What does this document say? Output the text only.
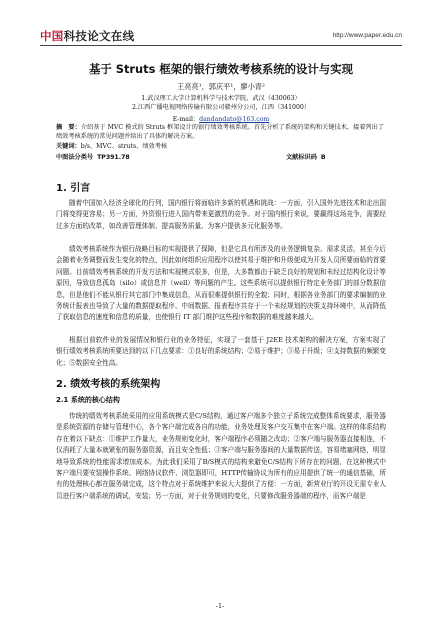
中国科技论文在线	http://www.paper.edu.cn
基于 Struts 框架的银行绩效考核系统的设计与实现
王亮亮¹，郭庆平¹，廖小青²
1.武汉理工大学计算机科学与技术学院，武汉（430063）
2.江西广播电视网络传输有限公司赣州分公司，江西（341000）
E-mail：dandandato@163.com
摘　要：介绍基于 MVC 模式的 Struts 框架设计的银行绩效考核系统。首先分析了系统的架构和关键技术，接着列出了绩效考核系统的常见问题并给出了具体的解决方案。
关键词：b/s、MVC、struts、绩效考核
中图法分类号 TP391.78	文献标识码 B
1. 引言
随着中国加入经济全球化的行列，国内银行将面临许多新的机遇和挑战：一方面，引入国外先进技术和走出国门将变得更容易；另一方面，外资银行进入国内带来更激烈的竞争。对于国内银行来说，要赢得这场竞争，需要经过多方面的改革，如改善管理体制、提高服务质量、为客户提供多元化服务等。
绩效考核系统作为银行战略目标的实现提供了保障，但是它具有所涉及的业务逻辑复杂、需求灵活，甚至今后会随着业务调整而发生变化的特点，因此如何组织应用程序以使其易于维护和升级便成为开发人员所要面临的首要问题。目前绩效考核系统的开发方法和实现模式很多，但是，大多数都由于缺乏良好的规划和未经过结构化设计等原因，导致信息孤岛（silo）或信息井（well）等问题的产生。这些系统可以提供银行特定业务部门的部分数据信息，但是他们不能从银行其它部门中集成信息，从而很难提供银行的全貌；同时，根据各业务部门的要求编制的业务统计报表也导致了大量的数据提取程序、中间数据、报表程序共存于一个未经规划的决策支持环境中，从而降低了获取信息的速度和信息的质量，也使银行 IT 部门维护这些程序和数据的难度越来越大。
根据目前软件业的发展情况和银行业的业务特征，实现了一套基于 J2EE 技术架构的解决方案，方案实现了银行绩效考核系统所要达到的以下几点要求：①良好的系统结构；②易于维护；③易于升级；④支持数据的频繁变化；⑤数据安全性高。
2. 绩效考核的系统架构
2.1 系统的核心结构
传统的绩效考核系统采用的应用系统模式是C/S结构，通过客户端多个独立子系统完成整体系统要求，服务器是系统资源的存储与管理中心，各个客户端完成各自的功能，业务处理及客户交互集中在客户端。这样的体系结构存在着以下缺点：①维护工作量大，业务规则变化时，客户端程序必须随之改动；②客户端与服务器直接相连，不仅消耗了大量本就紧张的服务器资源，而且安全性低；③客户端与服务器间的大量数据传送，容易堵塞网络，明显地导致系统的性能需求增加成本。为此我们采用了B/S模式的结构来避免C/S结构下所存在的问题，在这种模式中客户端只要安装操作系统、网络协议软件、浏览器即可，HTTP传输协议为所有的应用提供了统一的通信基础，所有的处理核心都在服务端完成，这个特点对于系统维护来说大大提供了方便：一方面，新营业厅的开设无需专业人员进行客户端系统的调试，安装；另一方面，对于业务规则的变化，只要修改服务器端的程序，而客户端是
-1-
